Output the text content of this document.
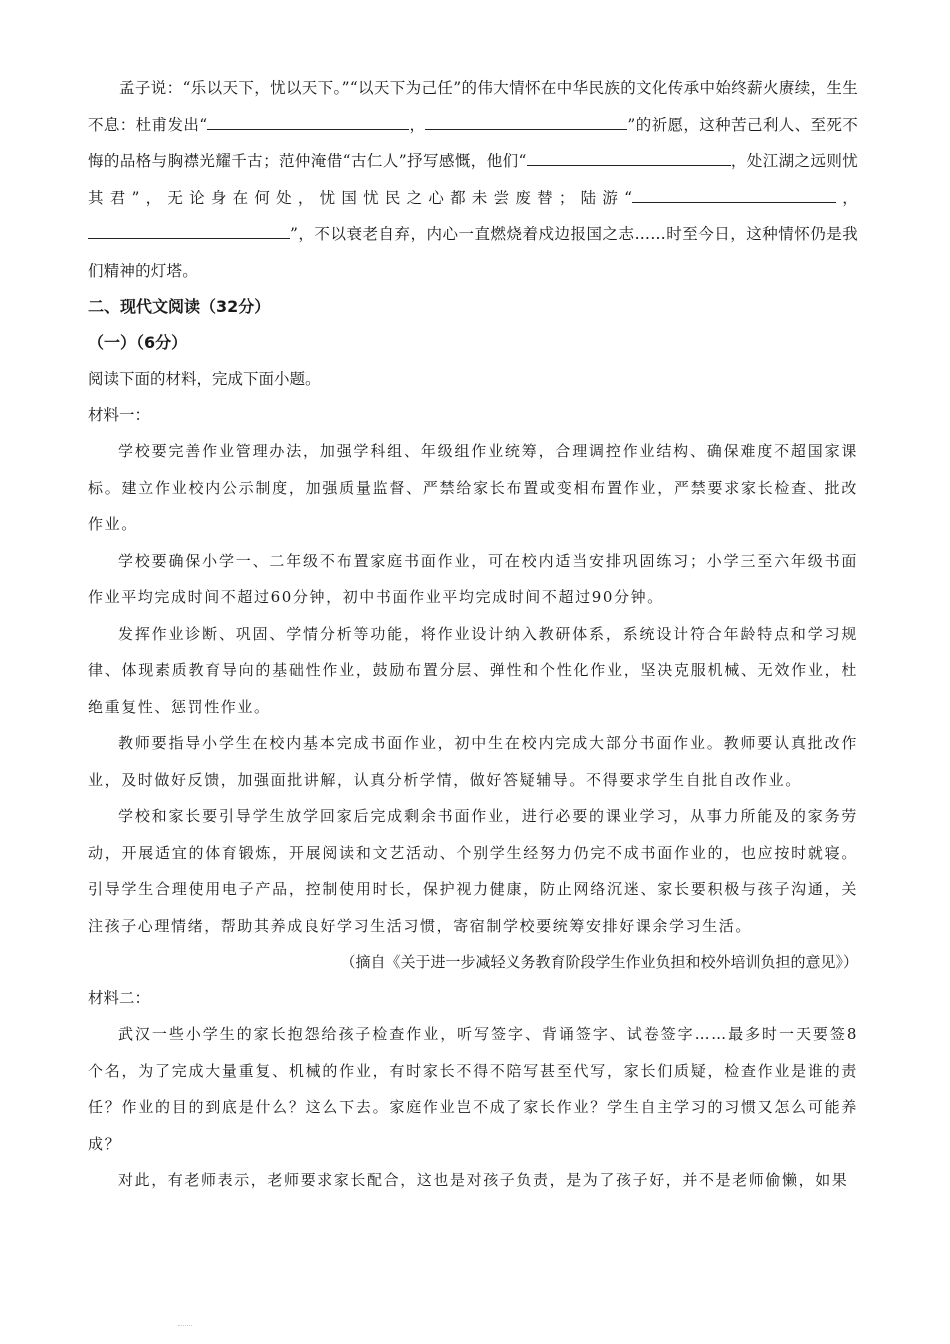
孟子说：“乐以天下，忧以天下。”“以天下为己任”的伟大情怀在中华民族的文化传承中始终薪火赓续，生生不息：杜甫发出“	，	”的祈愿，这种苦己利人、至死不悔的品格与胸襟光耀千古；范仲淹借“古仁人”抒写感慨，他们“	，处江湖之远则忧其君”，无论身在何处，忧国忧民之心都未尝废替；陆游“	，”，不以衰老自弃，内心一直燃烧着戍边报国之志……时至今日，这种情怀仍是我们精神的灯塔。

二、现代文阅读（32分）

（一）（6分）

阅读下面的材料，完成下面小题。

材料一：

学校要完善作业管理办法，加强学科组、年级组作业统筹，合理调控作业结构、确保难度不超国家课标。建立作业校内公示制度，加强质量监督、严禁给家长布置或变相布置作业，严禁要求家长检查、批改作业。

学校要确保小学一、二年级不布置家庭书面作业，可在校内适当安排巩固练习；小学三至六年级书面作业平均完成时间不超过60分钟，初中书面作业平均完成时间不超过90分钟。

发挥作业诊断、巩固、学情分析等功能，将作业设计纳入教研体系，系统设计符合年龄特点和学习规律、体现素质教育导向的基础性作业，鼓励布置分层、弹性和个性化作业，坚决克服机械、无效作业，杜绝重复性、惩罚性作业。

教师要指导小学生在校内基本完成书面作业，初中生在校内完成大部分书面作业。教师要认真批改作业，及时做好反馈，加强面批讲解，认真分析学情，做好答疑辅导。不得要求学生自批自改作业。

学校和家长要引导学生放学回家后完成剩余书面作业，进行必要的课业学习，从事力所能及的家务劳动，开展适宜的体育锻炼，开展阅读和文艺活动、个别学生经努力仍完不成书面作业的，也应按时就寝。引导学生合理使用电子产品，控制使用时长，保护视力健康，防止网络沉迷、家长要积极与孩子沟通，关注孩子心理情绪，帮助其养成良好学习生活习惯，寄宿制学校要统筹安排好课余学习生活。

（摘自《关于进一步减轻义务教育阶段学生作业负担和校外培训负担的意见》）

材料二：

武汉一些小学生的家长抱怨给孩子检查作业，听写签字、背诵签字、试卷签字……最多时一天要签8个名，为了完成大量重复、机械的作业，有时家长不得不陪写甚至代写，家长们质疑，检查作业是谁的责任？作业的目的到底是什么？这么下去。家庭作业岂不成了家长作业？学生自主学习的习惯又怎么可能养成？

对此，有老师表示，老师要求家长配合，这也是对孩子负责，是为了孩子好，并不是老师偷懒，如果
